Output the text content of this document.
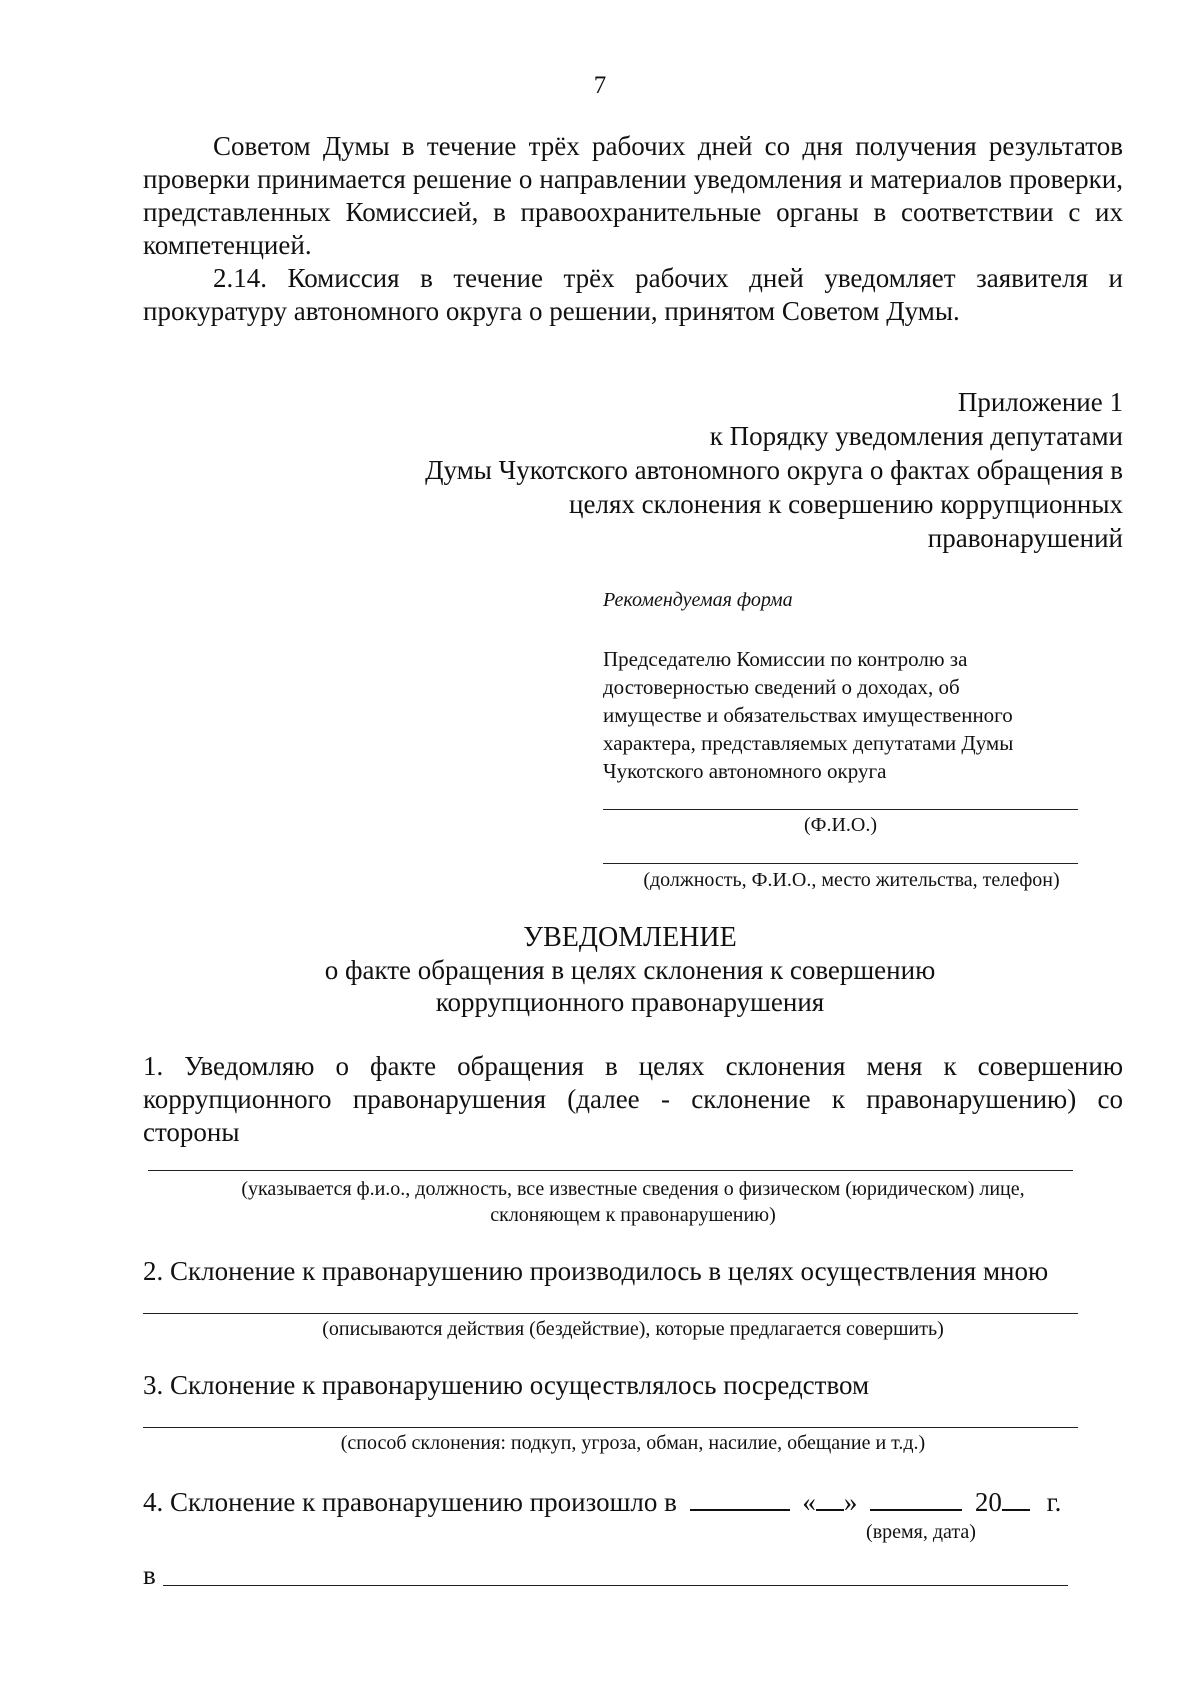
7

Советом Думы в течение трёх рабочих дней со дня получения результатов проверки принимается решение о направлении уведомления и материалов проверки, представленных Комиссией, в правоохранительные органы в соответствии с их компетенцией.

2.14. Комиссия в течение трёх рабочих дней уведомляет заявителя и прокуратуру автономного округа о решении, принятом Советом Думы.

Приложение 1
к Порядку уведомления депутатами
Думы Чукотского автономного округа о фактах обращения в
целях склонения к совершению коррупционных
правонарушений
Рекомендуемая форма
Председателю Комиссии по контролю за
достоверностью сведений о доходах, об
имуществе и обязательствах имущественного
характера, представляемых депутатами Думы
Чукотского автономного округа
(Ф.И.О.)
(должность, Ф.И.О., место жительства, телефон)
УВЕДОМЛЕНИЕ
о факте обращения в целях склонения к совершению
коррупционного правонарушения
1. Уведомляю о факте обращения в целях склонения меня к совершению коррупционного правонарушения (далее - склонение к правонарушению) со стороны
(указывается ф.и.о., должность, все известные сведения о физическом (юридическом) лице,
склоняющем к правонарушению)
2. Склонение к правонарушению производилось в целях осуществления мною
(описываются действия (бездействие), которые предлагается совершить)
3. Склонение к правонарушению осуществлялось посредством
(способ склонения: подкуп, угроза, обман, насилие, обещание и т.д.)
4. Склонение к правонарушению произошло в	« »	20 г.
(время, дата)
в
